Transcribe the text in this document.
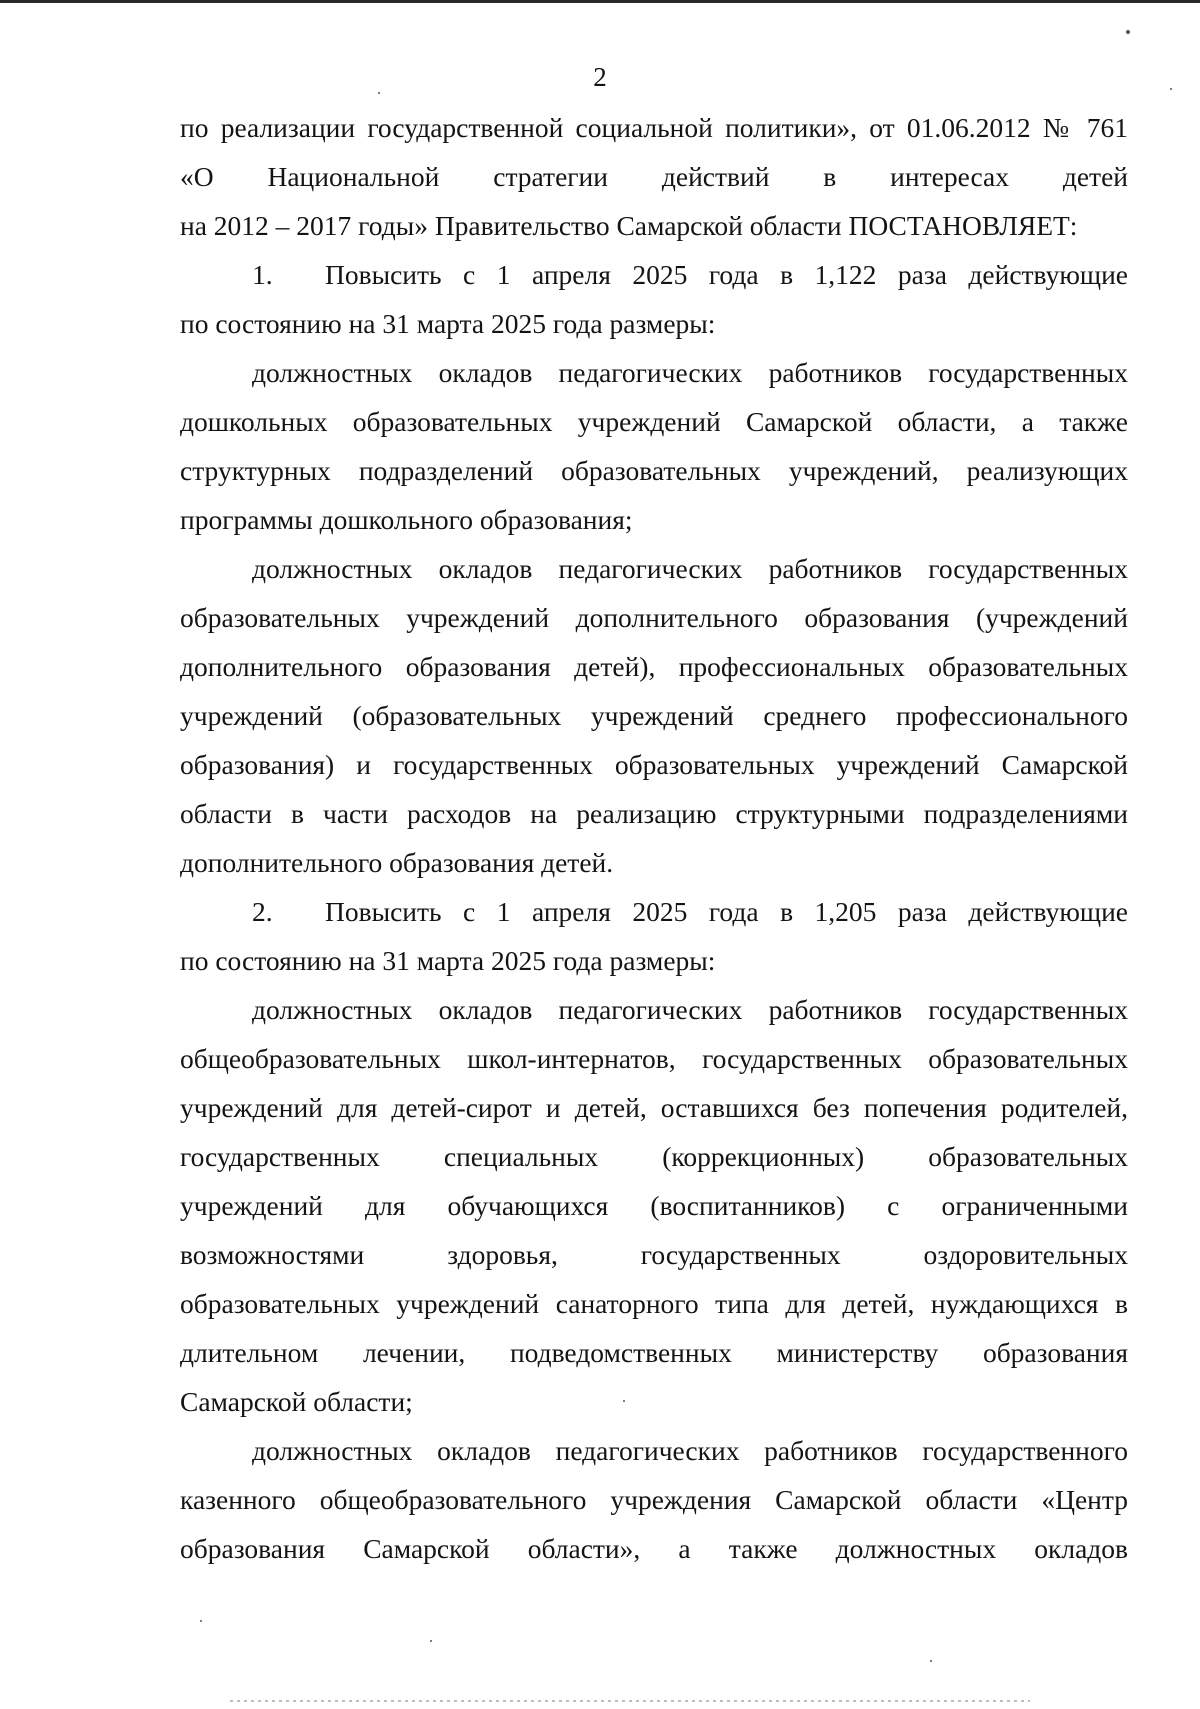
2
по реализации государственной социальной политики», от 01.06.2012 № 761
«О Национальной стратегии действий в интересах детей
на 2012 – 2017 годы» Правительство Самарской области ПОСТАНОВЛЯЕТ:
1. Повысить с 1 апреля 2025 года в 1,122 раза действующие
по состоянию на 31 марта 2025 года размеры:
должностных окладов педагогических работников государственных
дошкольных образовательных учреждений Самарской области, а также
структурных подразделений образовательных учреждений, реализующих
программы дошкольного образования;
должностных окладов педагогических работников государственных
образовательных учреждений дополнительного образования (учреждений
дополнительного образования детей), профессиональных образовательных
учреждений (образовательных учреждений среднего профессионального
образования) и государственных образовательных учреждений Самарской
области в части расходов на реализацию структурными подразделениями
дополнительного образования детей.
2. Повысить с 1 апреля 2025 года в 1,205 раза действующие
по состоянию на 31 марта 2025 года размеры:
должностных окладов педагогических работников государственных
общеобразовательных школ-интернатов, государственных образовательных
учреждений для детей-сирот и детей, оставшихся без попечения родителей,
государственных специальных (коррекционных) образовательных
учреждений для обучающихся (воспитанников) с ограниченными
возможностями здоровья, государственных оздоровительных
образовательных учреждений санаторного типа для детей, нуждающихся в
длительном лечении, подведомственных министерству образования
Самарской области;
должностных окладов педагогических работников государственного
казенного общеобразовательного учреждения Самарской области «Центр
образования Самарской области», а также должностных окладов
